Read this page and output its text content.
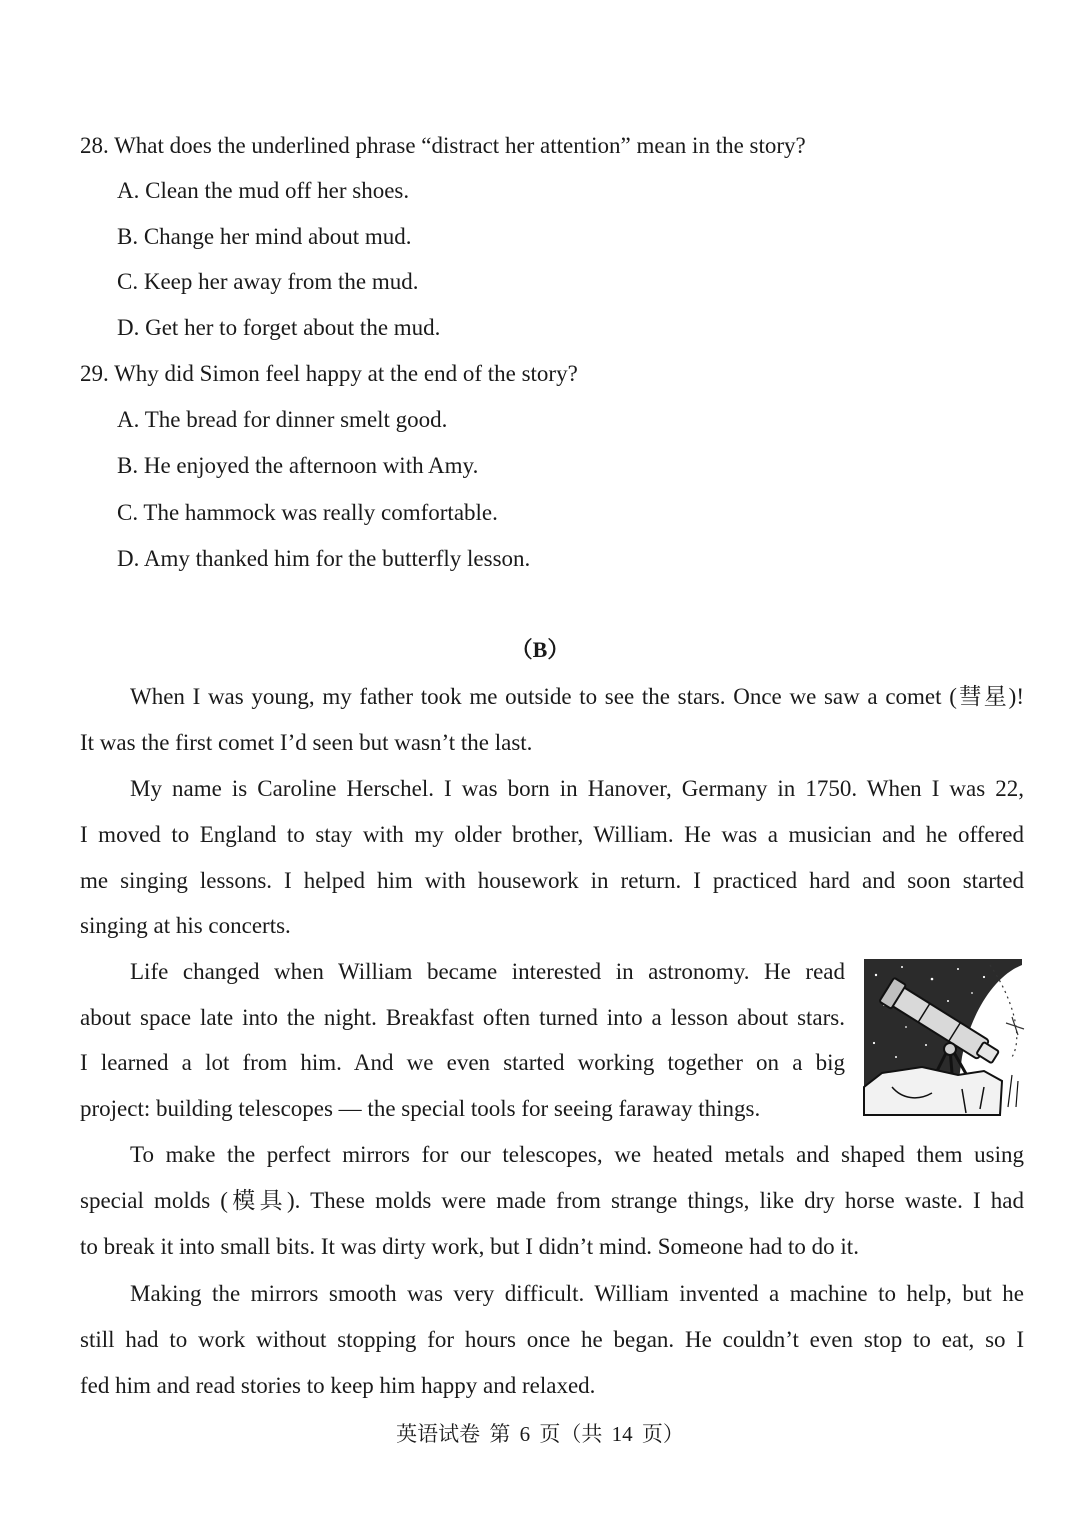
28. What does the underlined phrase “distract her attention” mean in the story?
A. Clean the mud off her shoes.
B. Change her mind about mud.
C. Keep her away from the mud.
D. Get her to forget about the mud.
29. Why did Simon feel happy at the end of the story?
A. The bread for dinner smelt good.
B. He enjoyed the afternoon with Amy.
C. The hammock was really comfortable.
D. Amy thanked him for the butterfly lesson.
（B）
When I was young, my father took me outside to see the stars. Once we saw a comet (彗星)!
It was the first comet I’d seen but wasn’t the last.
My name is Caroline Herschel. I was born in Hanover, Germany in 1750. When I was 22,
I moved to England to stay with my older brother, William. He was a musician and he offered
me singing lessons. I helped him with housework in return. I practiced hard and soon started
singing at his concerts.
Life changed when William became interested in astronomy. He read
about space late into the night. Breakfast often turned into a lesson about stars.
I learned a lot from him. And we even started working together on a big
project: building telescopes — the special tools for seeing faraway things.
To make the perfect mirrors for our telescopes, we heated metals and shaped them using
special molds (模具). These molds were made from strange things, like dry horse waste. I had
to break it into small bits. It was dirty work, but I didn’t mind. Someone had to do it.
Making the mirrors smooth was very difficult. William invented a machine to help, but he
still had to work without stopping for hours once he began. He couldn’t even stop to eat, so I
fed him and read stories to keep him happy and relaxed.
英语试卷 第 6 页（共 14 页）
